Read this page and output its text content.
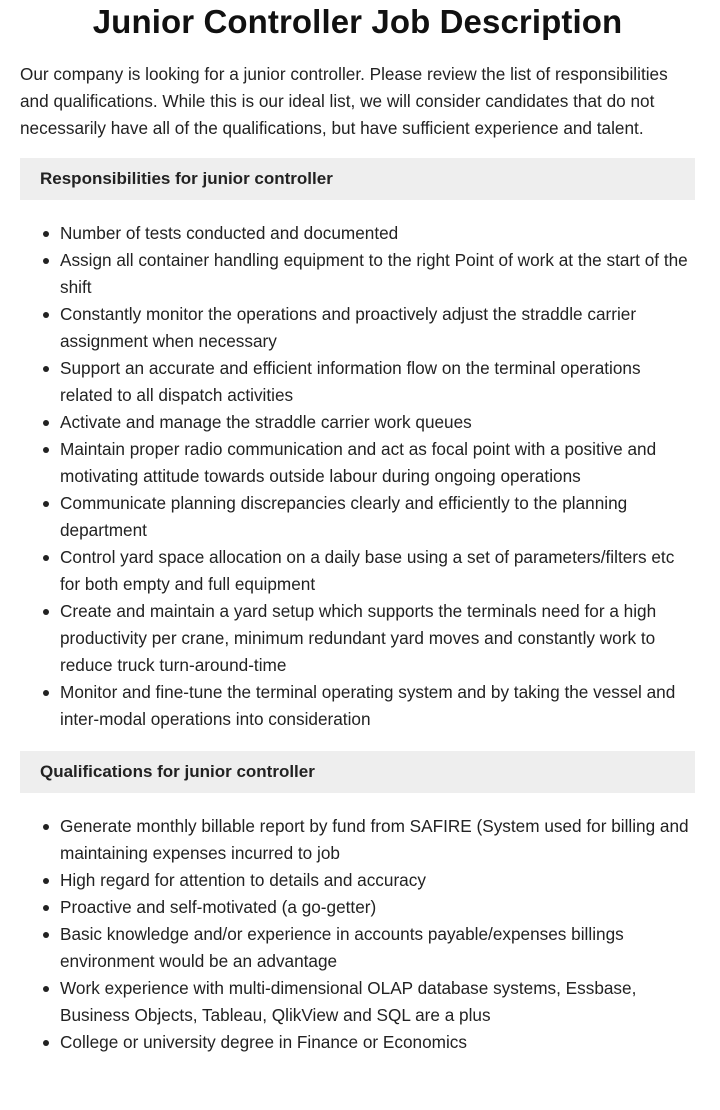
Junior Controller Job Description

Our company is looking for a junior controller. Please review the list of responsibilities and qualifications. While this is our ideal list, we will consider candidates that do not necessarily have all of the qualifications, but have sufficient experience and talent.

Responsibilities for junior controller
Number of tests conducted and documented
Assign all container handling equipment to the right Point of work at the start of the shift
Constantly monitor the operations and proactively adjust the straddle carrier assignment when necessary
Support an accurate and efficient information flow on the terminal operations related to all dispatch activities
Activate and manage the straddle carrier work queues
Maintain proper radio communication and act as focal point with a positive and motivating attitude towards outside labour during ongoing operations
Communicate planning discrepancies clearly and efficiently to the planning department
Control yard space allocation on a daily base using a set of parameters/filters etc for both empty and full equipment
Create and maintain a yard setup which supports the terminals need for a high productivity per crane, minimum redundant yard moves and constantly work to reduce truck turn-around-time
Monitor and fine-tune the terminal operating system and by taking the vessel and inter-modal operations into consideration
Qualifications for junior controller
Generate monthly billable report by fund from SAFIRE (System used for billing and maintaining expenses incurred to job
High regard for attention to details and accuracy
Proactive and self-motivated (a go-getter)
Basic knowledge and/or experience in accounts payable/expenses billings environment would be an advantage
Work experience with multi-dimensional OLAP database systems, Essbase, Business Objects, Tableau, QlikView and SQL are a plus
College or university degree in Finance or Economics
